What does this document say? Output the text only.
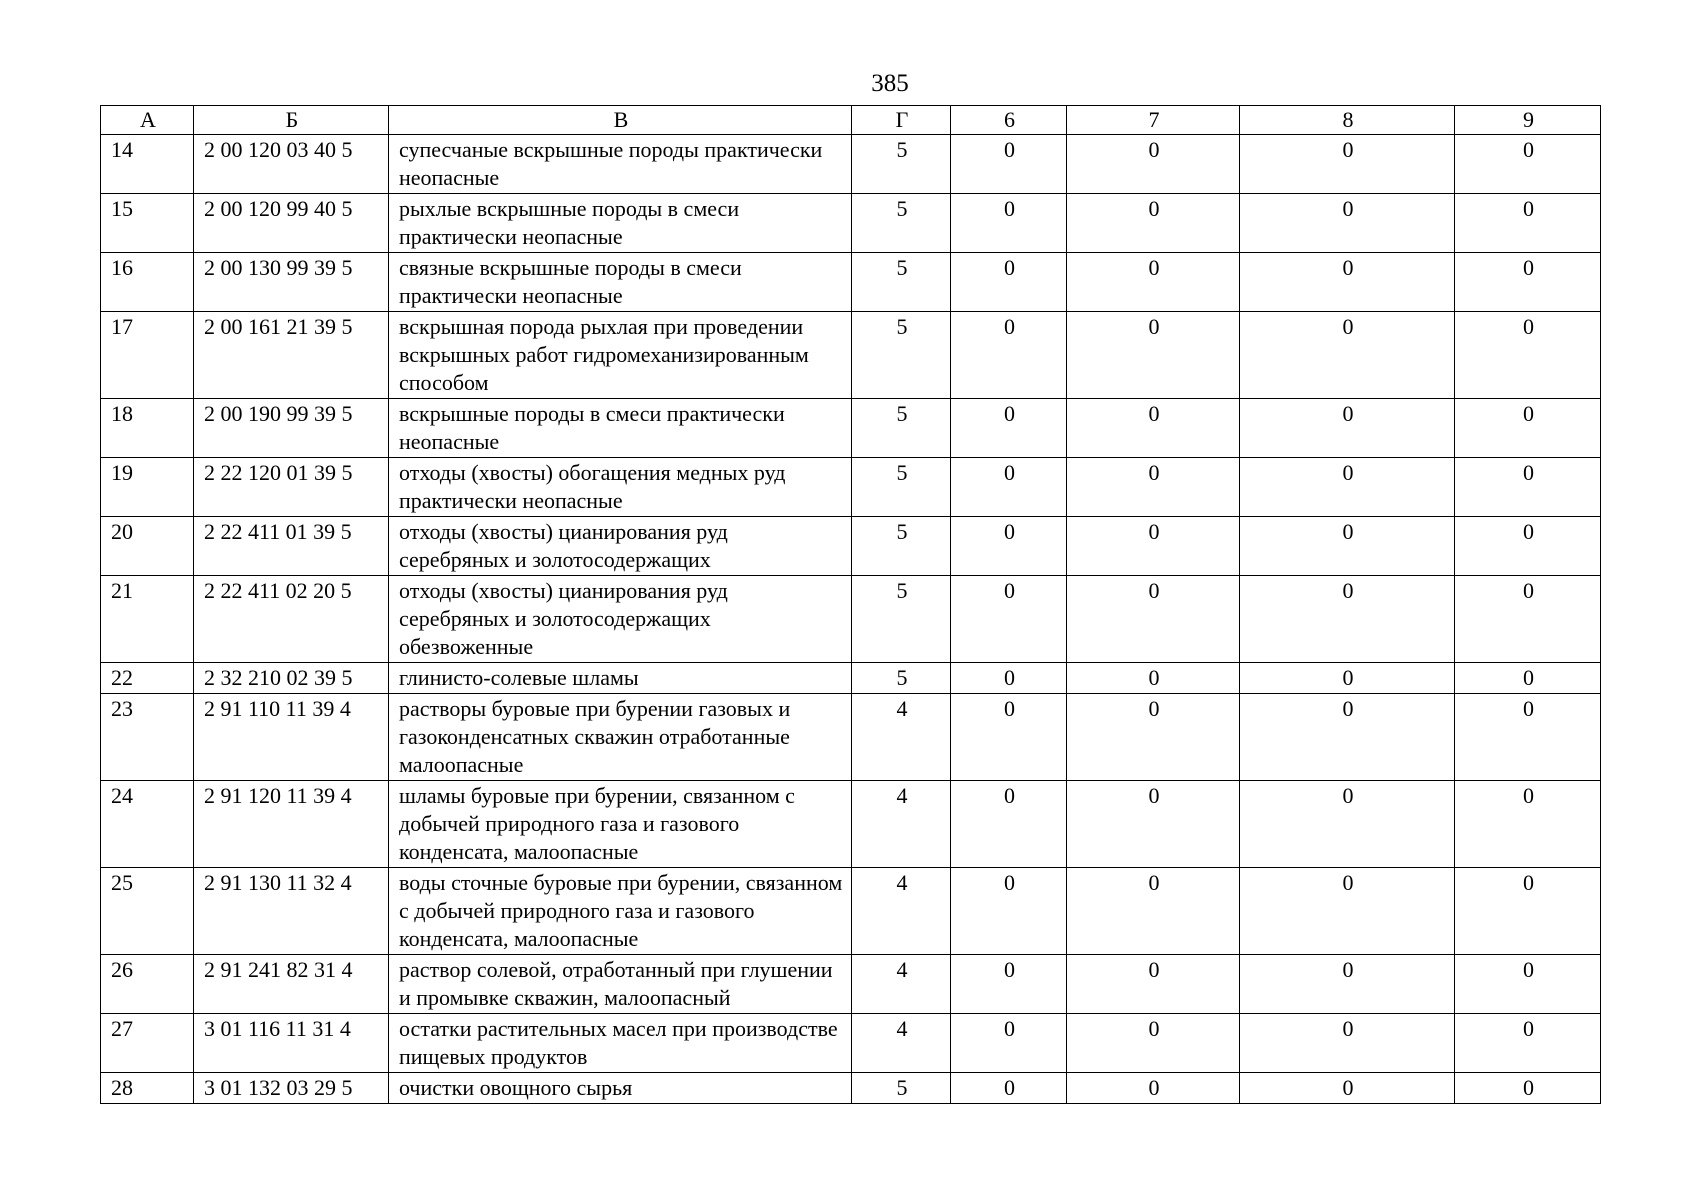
385
А	Б	В	Г	6	7	8	9
14	2 00 120 03 40 5	супесчаные вскрышные породы практически неопасные	5	0	0	0	0
15	2 00 120 99 40 5	рыхлые вскрышные породы в смеси практически неопасные	5	0	0	0	0
16	2 00 130 99 39 5	связные вскрышные породы в смеси практически неопасные	5	0	0	0	0
17	2 00 161 21 39 5	вскрышная порода рыхлая при проведении вскрышных работ гидромеханизированным способом	5	0	0	0	0
18	2 00 190 99 39 5	вскрышные породы в смеси практически неопасные	5	0	0	0	0
19	2 22 120 01 39 5	отходы (хвосты) обогащения медных руд практически неопасные	5	0	0	0	0
20	2 22 411 01 39 5	отходы (хвосты) цианирования руд серебряных и золотосодержащих	5	0	0	0	0
21	2 22 411 02 20 5	отходы (хвосты) цианирования руд серебряных и золотосодержащих обезвоженные	5	0	0	0	0
22	2 32 210 02 39 5	глинисто-солевые шламы	5	0	0	0	0
23	2 91 110 11 39 4	растворы буровые при бурении газовых и газоконденсатных скважин отработанные малоопасные	4	0	0	0	0
24	2 91 120 11 39 4	шламы буровые при бурении, связанном с добычей природного газа и газового конденсата, малоопасные	4	0	0	0	0
25	2 91 130 11 32 4	воды сточные буровые при бурении, связанном с добычей природного газа и газового конденсата, малоопасные	4	0	0	0	0
26	2 91 241 82 31 4	раствор солевой, отработанный при глушении и промывке скважин, малоопасный	4	0	0	0	0
27	3 01 116 11 31 4	остатки растительных масел при производстве пищевых продуктов	4	0	0	0	0
28	3 01 132 03 29 5	очистки овощного сырья	5	0	0	0	0
